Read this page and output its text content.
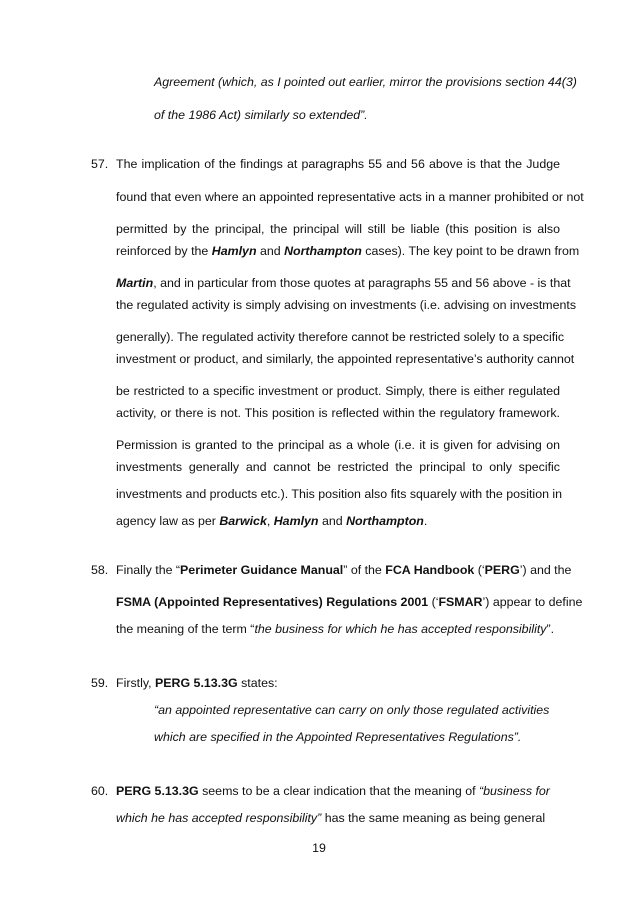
Agreement (which, as I pointed out earlier, mirror the provisions section 44(3)
of the 1986 Act) similarly so extended”.
57. The implication of the findings at paragraphs 55 and 56 above is that the Judge
found that even where an appointed representative acts in a manner prohibited or not
permitted by the principal, the principal will still be liable (this position is also
reinforced by the Hamlyn and Northampton cases). The key point to be drawn from
Martin, and in particular from those quotes at paragraphs 55 and 56 above - is that
the regulated activity is simply advising on investments (i.e. advising on investments
generally). The regulated activity therefore cannot be restricted solely to a specific
investment or product, and similarly, the appointed representative’s authority cannot
be restricted to a specific investment or product. Simply, there is either regulated
activity, or there is not. This position is reflected within the regulatory framework.
Permission is granted to the principal as a whole (i.e. it is given for advising on
investments generally and cannot be restricted the principal to only specific
investments and products etc.). This position also fits squarely with the position in
agency law as per Barwick, Hamlyn and Northampton.
58. Finally the “Perimeter Guidance Manual” of the FCA Handbook (‘PERG’) and the
FSMA (Appointed Representatives) Regulations 2001 (‘FSMAR’) appear to define
the meaning of the term “the business for which he has accepted responsibility”.
59. Firstly, PERG 5.13.3G states:
“an appointed representative can carry on only those regulated activities
which are specified in the Appointed Representatives Regulations”.
60. PERG 5.13.3G seems to be a clear indication that the meaning of “business for
which he has accepted responsibility” has the same meaning as being general
19
